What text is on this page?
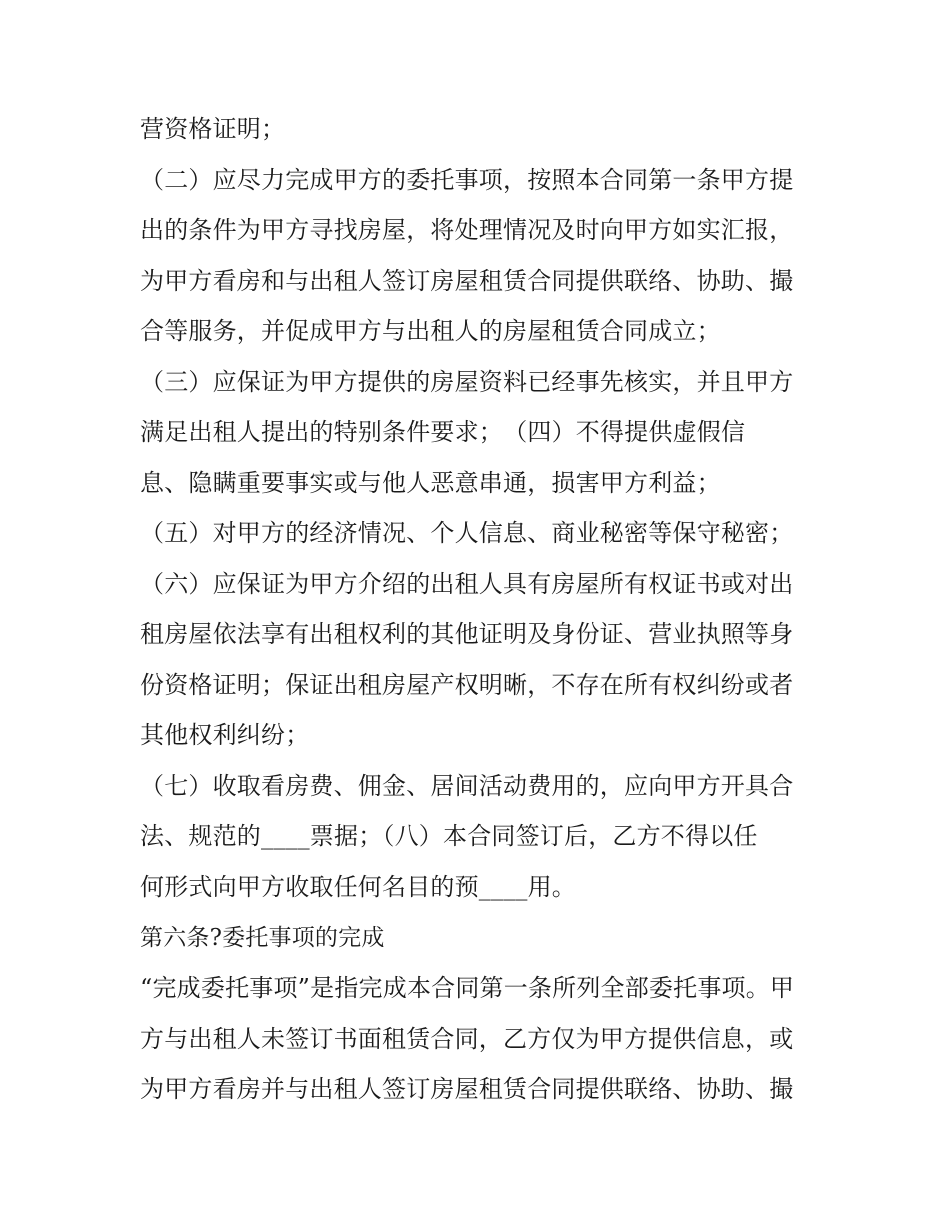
营资格证明；

（二）应尽力完成甲方的委托事项，按照本合同第一条甲方提

出的条件为甲方寻找房屋，将处理情况及时向甲方如实汇报，

为甲方看房和与出租人签订房屋租赁合同提供联络、协助、撮

合等服务，并促成甲方与出租人的房屋租赁合同成立；

（三）应保证为甲方提供的房屋资料已经事先核实，并且甲方

满足出租人提出的特别条件要求；　（四）不得提供虚假信

息、隐瞒重要事实或与他人恶意串通，损害甲方利益；

（五）对甲方的经济情况、个人信息、商业秘密等保守秘密；

（六）应保证为甲方介绍的出租人具有房屋所有权证书或对出

租房屋依法享有出租权利的其他证明及身份证、营业执照等身

份资格证明；保证出租房屋产权明晰，不存在所有权纠纷或者

其他权利纠纷；

（七）收取看房费、佣金、居间活动费用的，应向甲方开具合

法、规范的____票据；（八）本合同签订后，乙方不得以任

何形式向甲方收取任何名目的预____用。

第六条?委托事项的完成

“完成委托事项”是指完成本合同第一条所列全部委托事项。甲

方与出租人未签订书面租赁合同，乙方仅为甲方提供信息，或

为甲方看房并与出租人签订房屋租赁合同提供联络、协助、撮
